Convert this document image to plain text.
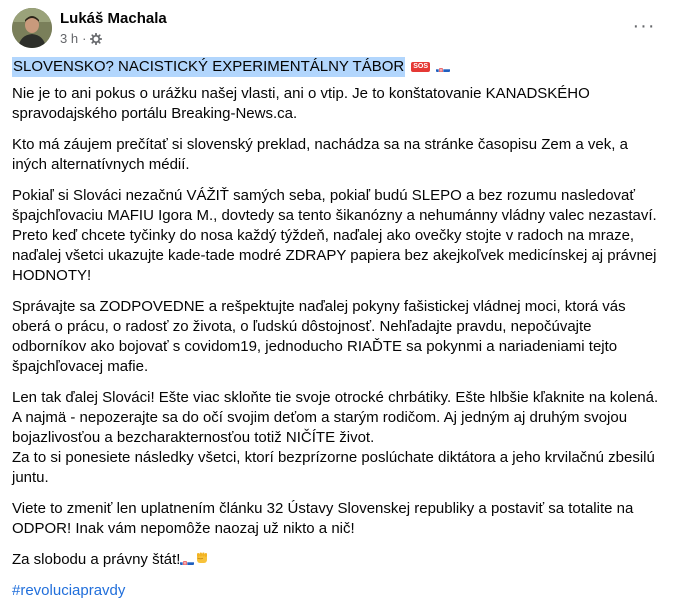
Lukáš Machala
3 h ·
···
SLOVENSKO? NACISTICKÝ EXPERIMENTÁLNY TÁBOR SOS

Nie je to ani pokus o urážku našej vlasti, ani o vtip. Je to konštatovanie KANADSKÉHO spravodajského portálu Breaking-News.ca.

Kto má záujem prečítať si slovenský preklad, nachádza sa na stránke časopisu Zem a vek, a iných alternatívnych médií.

Pokiaľ si Slováci nezačnú VÁŽIŤ samých seba, pokiaľ budú SLEPO a bez rozumu nasledovať špajchľovaciu MAFIU Igora M., dovtedy sa tento šikanózny a nehumánny vládny valec nezastaví. Preto keď chcete tyčinky do nosa každý týždeň, naďalej ako ovečky stojte v radoch na mraze, naďalej všetci ukazujte kade-tade modré ZDRAPY papiera bez akejkoľvek medicínskej aj právnej HODNOTY!

Správajte sa ZODPOVEDNE a rešpektujte naďalej pokyny fašistickej vládnej moci, ktorá vás oberá o prácu, o radosť zo života, o ľudskú dôstojnosť. Nehľadajte pravdu, nepočúvajte odborníkov ako bojovať s covidom19, jednoducho RIAĎTE sa pokynmi a nariadeniami tejto špajchľovacej mafie.

Len tak ďalej Slováci! Ešte viac skloňte tie svoje otrocké chrbátiky. Ešte hlbšie kľaknite na kolená. A najmä - nepozerajte sa do očí svojim deťom a starým rodičom. Aj jedným aj druhým svojou bojazlivosťou a bezcharakternosťou totiž NIČÍTE život.
Za to si ponesiete následky všetci, ktorí bezprízorne poslúchate diktátora a jeho krvilačnú zbesilú juntu.

Viete to zmeniť len uplatnením článku 32 Ústavy Slovenskej republiky a postaviť sa totalite na ODPOR! Inak vám nepomôže naozaj už nikto a nič!

Za slobodu a právny štát!

#revoluciapravdy
